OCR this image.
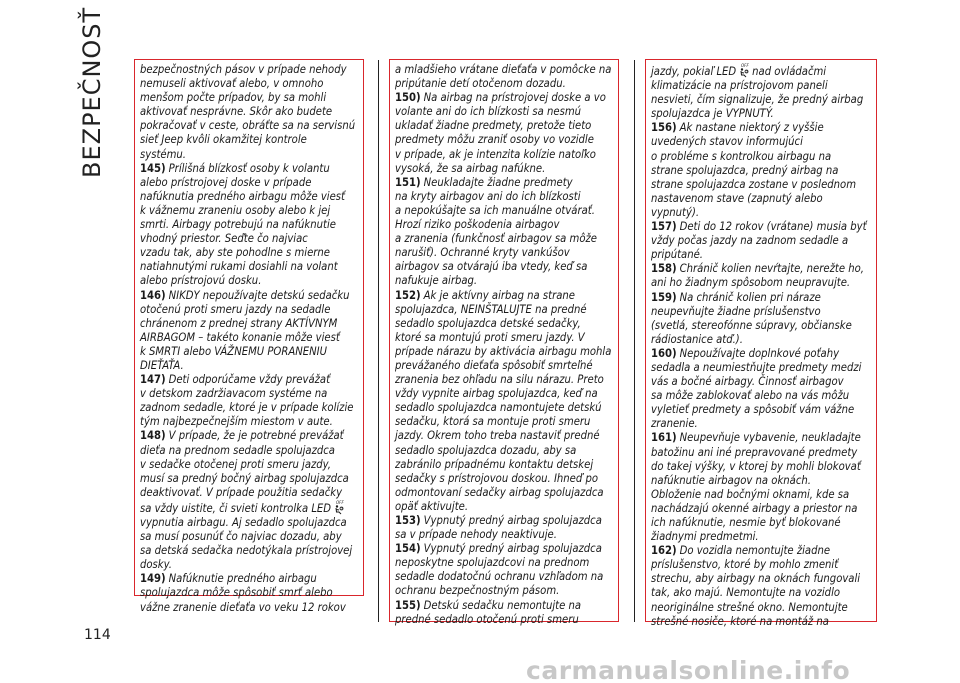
BEZPEČNOSŤ
114

bezpečnostných pásov v prípade nehody
nemuseli aktivovať alebo, v omnoho
menšom počte prípadov, by sa mohli
aktivovať nesprávne. Skôr ako budete
pokračovať v ceste, obráťte sa na servisnú
sieť Jeep kvôli okamžitej kontrole
systému.

145) Prílišná blízkosť osoby k volantu
alebo prístrojovej doske v prípade
nafúknutia predného airbagu môže viesť
k vážnemu zraneniu osoby alebo k jej
smrti. Airbagy potrebujú na nafúknutie
vhodný priestor. Seďte čo najviac
vzadu tak, aby ste pohodlne s mierne
natiahnutými rukami dosiahli na volant
alebo prístrojovú dosku.

146) NIKDY nepoužívajte detskú sedačku
otočenú proti smeru jazdy na sedadle
chránenom z prednej strany AKTÍVNYM
AIRBAGOM – takéto konanie môže viesť
k SMRTI alebo VÁŽNEMU PORANENIU
DIEŤAŤA.

147) Deti odporúčame vždy prevážať
v detskom zadržiavacom systéme na
zadnom sedadle, ktoré je v prípade kolízie
tým najbezpečnejším miestom v aute.

148) V prípade, že je potrebné prevážať
dieťa na prednom sedadle spolujazdca
v sedačke otočenej proti smeru jazdy,
musí sa predný bočný airbag spolujazdca
deaktivovať. V prípade použitia sedačky
sa vždy uistite, či svieti kontrolka LED OFF
2

vypnutia airbagu. Aj sedadlo spolujazdca
sa musí posunúť čo najviac dozadu, aby
sa detská sedačka nedotýkala prístrojovej
dosky.

149) Nafúknutie predného airbagu
spolujazdca môže spôsobiť smrť alebo
vážne zranenie dieťaťa vo veku 12 rokov

a mladšieho vrátane dieťaťa v pomôcke na
pripútanie detí otočenom dozadu.

150) Na airbag na prístrojovej doske a vo
volante ani do ich blízkosti sa nesmú
ukladať žiadne predmety, pretože tieto
predmety môžu zraniť osoby vo vozidle
v prípade, ak je intenzita kolízie natoľko
vysoká, že sa airbag nafúkne.

151) Neukladajte žiadne predmety
na kryty airbagov ani do ich blízkosti
a nepokúšajte sa ich manuálne otvárať.
Hrozí riziko poškodenia airbagov
a zranenia (funkčnosť airbagov sa môže
narušiť). Ochranné kryty vankúšov
airbagov sa otvárajú iba vtedy, keď sa
nafukuje airbag.

152) Ak je aktívny airbag na strane
spolujazdca, NEINŠTALUJTE na predné
sedadlo spolujazdca detské sedačky,
ktoré sa montujú proti smeru jazdy. V
prípade nárazu by aktivácia airbagu mohla
prevážaného dieťaťa spôsobiť smrteľné
zranenia bez ohľadu na silu nárazu. Preto
vždy vypnite airbag spolujazdca, keď na
sedadlo spolujazdca namontujete detskú
sedačku, ktorá sa montuje proti smeru
jazdy. Okrem toho treba nastaviť predné
sedadlo spolujazdca dozadu, aby sa
zabránilo prípadnému kontaktu detskej
sedačky s prístrojovou doskou. Ihneď po
odmontovaní sedačky airbag spolujazdca
opäť aktivujte.

153) Vypnutý predný airbag spolujazdca
sa v prípade nehody neaktivuje.

154) Vypnutý predný airbag spolujazdca
neposkytne spolujazdcovi na prednom
sedadle dodatočnú ochranu vzhľadom na
ochranu bezpečnostným pásom.

155) Detskú sedačku nemontujte na
predné sedadlo otočenú proti smeru

jazdy, pokiaľ LED OFF
2 nad ovládačmi
klimatizácie na prístrojovom paneli
nesvieti, čím signalizuje, že predný airbag
spolujazdca je VYPNUTÝ.

156) Ak nastane niektorý z vyššie
uvedených stavov informujúci
o probléme s kontrolkou airbagu na
strane spolujazdca, predný airbag na
strane spolujazdca zostane v poslednom
nastavenom stave (zapnutý alebo
vypnutý).

157) Deti do 12 rokov (vrátane) musia byť
vždy počas jazdy na zadnom sedadle a
pripútané.

158) Chránič kolien nevŕtajte, nerežte ho,
ani ho žiadnym spôsobom neupravujte.

159) Na chránič kolien pri náraze
neupevňujte žiadne príslušenstvo
(svetlá, stereofónne súpravy, občianske
rádiostanice atď.).

160) Nepoužívajte doplnkové poťahy
sedadla a neumiestňujte predmety medzi
vás a bočné airbagy. Činnosť airbagov
sa môže zablokovať alebo na vás môžu
vyletieť predmety a spôsobiť vám vážne
zranenie.

161) Neupevňuje vybavenie, neukladajte
batožinu ani iné prepravované predmety
do takej výšky, v ktorej by mohli blokovať
nafúknutie airbagov na oknách.
Obloženie nad bočnými oknami, kde sa
nachádzajú okenné airbagy a priestor na
ich nafúknutie, nesmie byť blokované
žiadnymi predmetmi.

162) Do vozidla nemontujte žiadne
príslušenstvo, ktoré by mohlo zmeniť
strechu, aby airbagy na oknách fungovali
tak, ako majú. Nemontujte na vozidlo
neoriginálne strešné okno. Nemontujte
strešné nosiče, ktoré na montáž na

carmanualsonline.info
